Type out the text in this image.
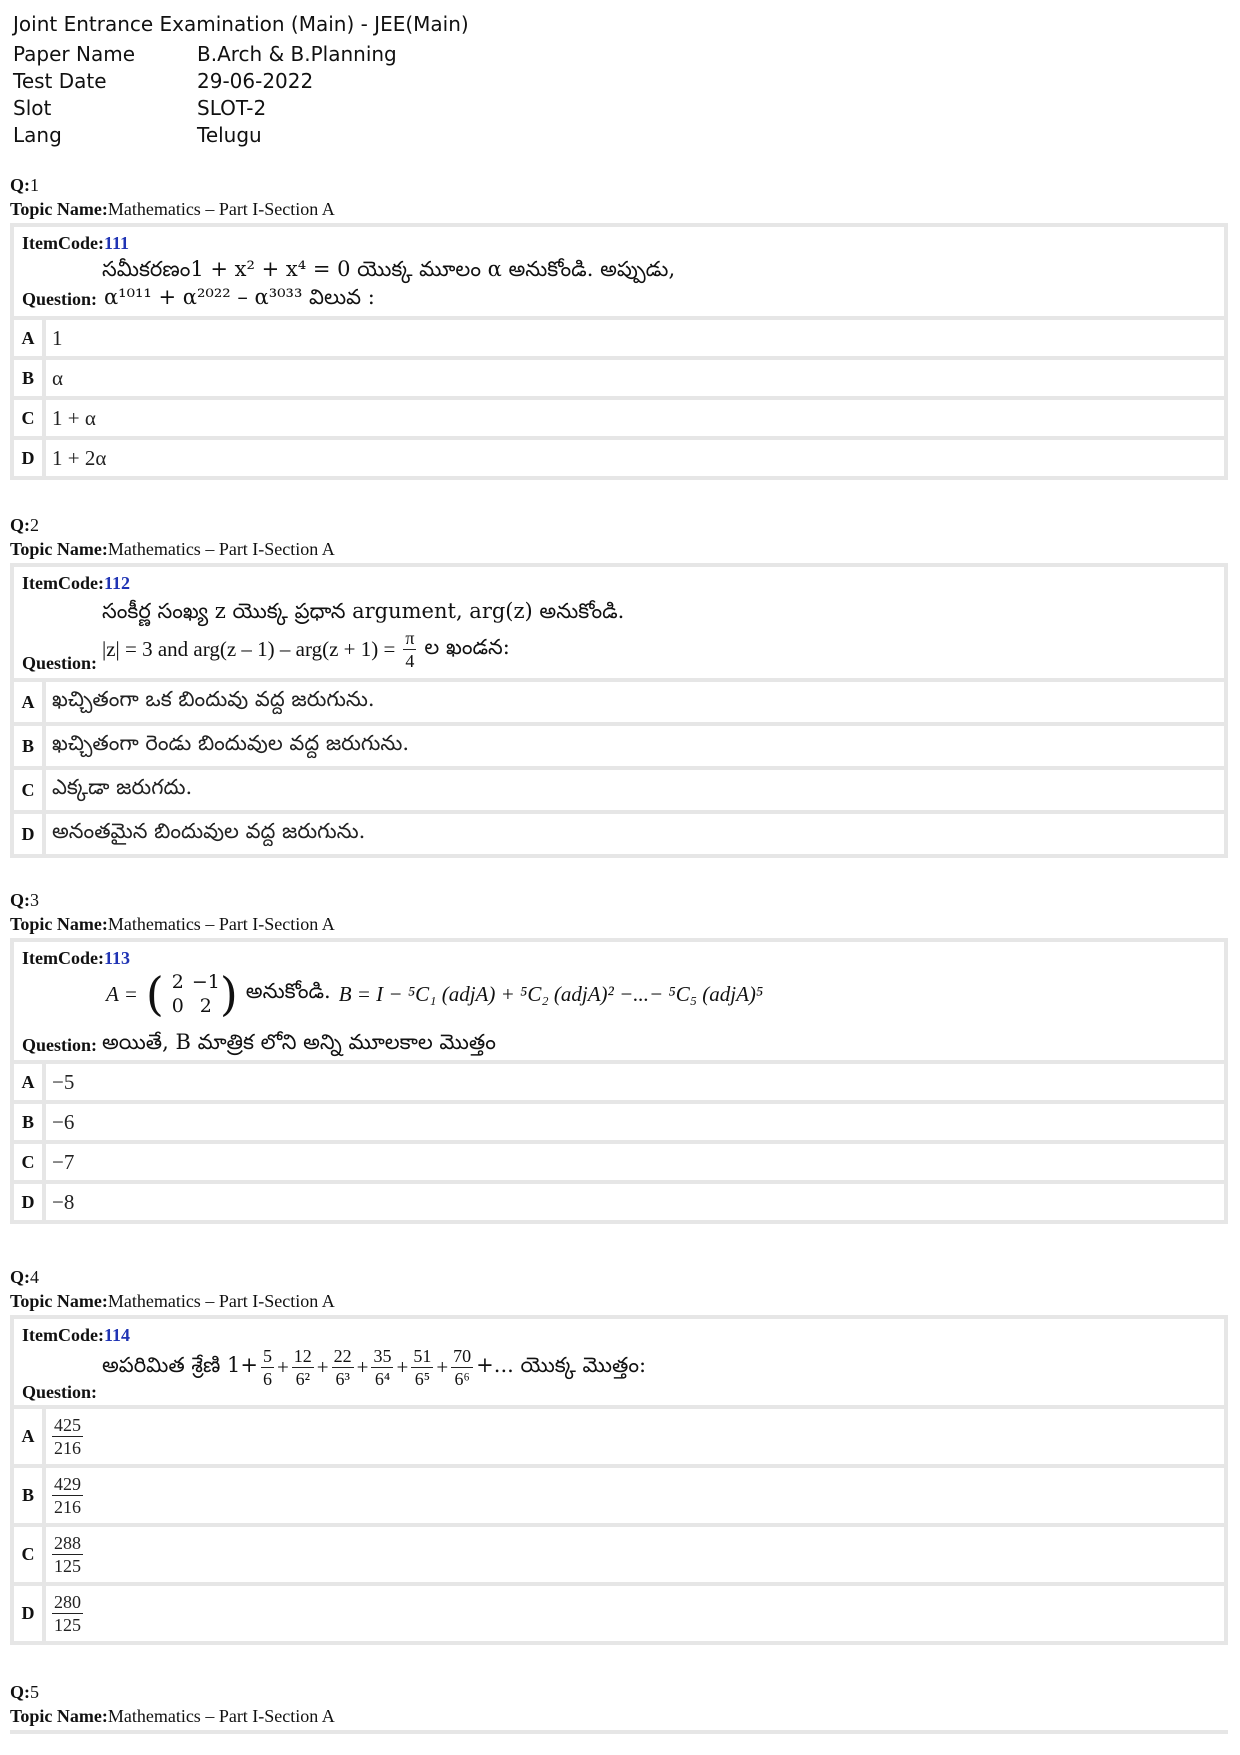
Joint Entrance Examination (Main) - JEE(Main)
Paper Name	B.Arch & B.Planning
Test Date	29-06-2022
Slot	SLOT-2
Lang	Telugu
Q:1
Topic Name:Mathematics – Part I-Section A
ItemCode:111
సమీకరణం1 + x² + x⁴ = 0 యొక్క మూలం α అనుకోండి. అప్పుడు,
Question: α¹⁰¹¹ + α²⁰²² – α³⁰³³ విలువ :
A 1
B α
C 1 + α
D 1 + 2α
Q:2
Topic Name:Mathematics – Part I-Section A
ItemCode:112
సంకీర్ణ సంఖ్య z యొక్క ప్రధాన argument, arg(z) అనుకోండి.
|z| = 3 and $arg(z - 1) - arg(z + 1) = \frac{\pi}{4}$ ల ఖండన:
Question:
A ఖచ్చితంగా ఒక బిందువు వద్ద జరుగును.
B ఖచ్చితంగా రెండు బిందువుల వద్ద జరుగును.
C ఎక్కడా జరుగదు.
D అనంతమైన బిందువుల వద్ద జరుగును.
Q:3
Topic Name:Mathematics – Part I-Section A
ItemCode:113
A = ( 2 −1
0 2 ) అనుకోండి. B = I − ⁵C₁ (adjA) + ⁵C₂ (adjA)² −...− ⁵C₅ (adjA)⁵
Question: అయితే, B మాత్రిక లోని అన్ని మూలకాల మొత్తం
A −5
B −6
C −7
D −8
Q:4
Topic Name:Mathematics – Part I-Section A
ItemCode:114
అపరిమిత శ్రేణి $1+ \frac{5}{6} + \frac{12}{\text{6²}} + \frac{22}{\text{6³}} + \frac{35}{\text{6⁴}} + \frac{51}{\text{6⁵}} + \frac{70}{\text{6⁶}}$ +... యొక్క మొత్తం:
Question:
A $\frac{425}{216}$
B	$\frac{429}{216}$
C $\frac{288}{125}$
D $\frac{280}{125}$
Q:5
Topic Name:Mathematics – Part I-Section A
